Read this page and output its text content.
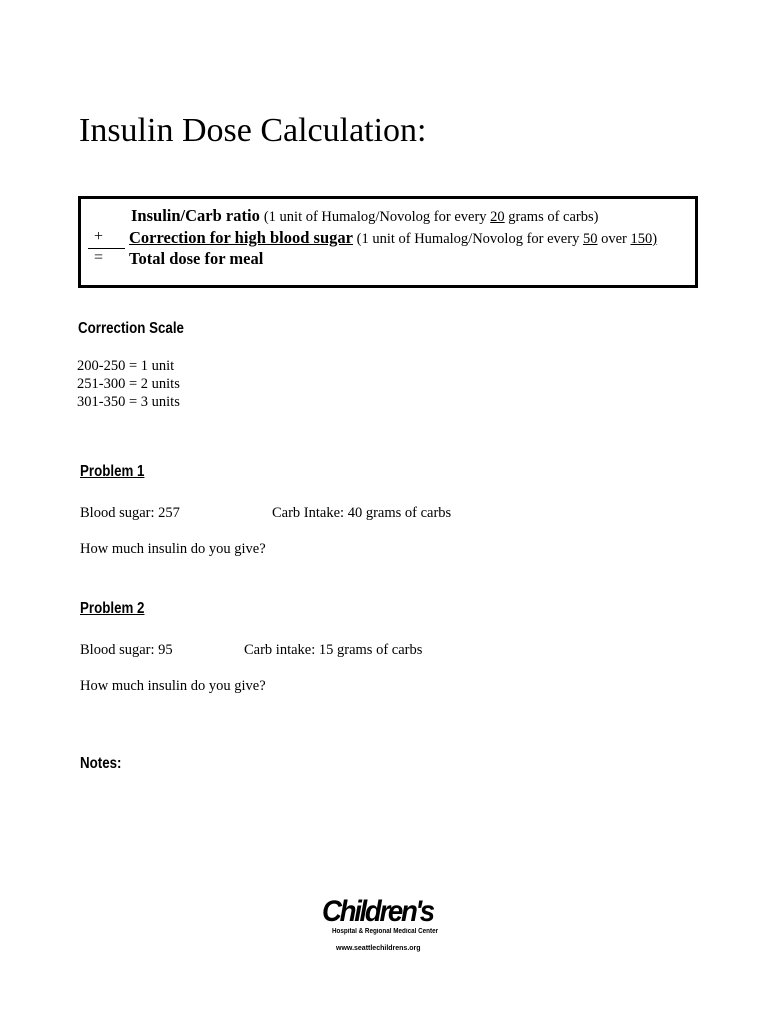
Insulin Dose Calculation:
Insulin/Carb ratio (1 unit of Humalog/Novolog for every 20 grams of carbs)
+ Correction for high blood sugar (1 unit of Humalog/Novolog for every 50 over 150)
= Total dose for meal
Correction Scale
200-250 = 1 unit
251-300 = 2 units
301-350 = 3 units
Problem 1
Blood sugar: 257	Carb Intake: 40 grams of carbs
How much insulin do you give?
Problem 2
Blood sugar: 95	Carb intake: 15 grams of carbs
How much insulin do you give?
Notes:
Children's
Hospital & Regional Medical Center
www.seattlechildrens.org
